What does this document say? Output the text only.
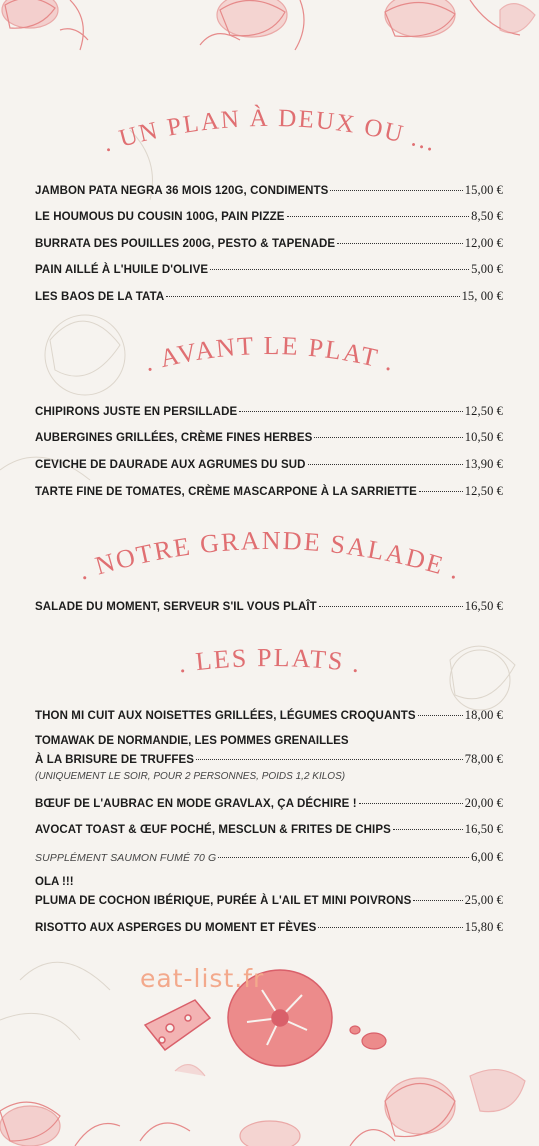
. UN PLAN À DEUX OU ...
. AVANT LE PLAT .
. NOTRE GRANDE SALADE .
. LES PLATS .
JAMBON PATA NEGRA 36 MOIS 120G, CONDIMENTS	15,00 €
LE HOUMOUS DU COUSIN 100G, PAIN PIZZE	8,50 €
BURRATA DES POUILLES 200G, PESTO & TAPENADE	12,00 €
PAIN AILLÉ À L'HUILE D'OLIVE	5,00 €
LES BAOS DE LA TATA	15, 00 €
CHIPIRONS JUSTE EN PERSILLADE	12,50 €
AUBERGINES GRILLÉES, CRÈME FINES HERBES	10,50 €
CEVICHE DE DAURADE AUX AGRUMES DU SUD	13,90 €
TARTE FINE DE TOMATES, CRÈME MASCARPONE À LA SARRIETTE	12,50 €
SALADE DU MOMENT, SERVEUR S'IL VOUS PLAÎT	16,50 €
THON MI CUIT AUX NOISETTES GRILLÉES, LÉGUMES CROQUANTS	18,00 €
TOMAWAK DE NORMANDIE, LES POMMES GRENAILLES
À LA BRISURE DE TRUFFES	78,00 €
(UNIQUEMENT LE SOIR, POUR 2 PERSONNES, POIDS 1,2 KILOS)
BŒUF DE L'AUBRAC EN MODE GRAVLAX, ÇA DÉCHIRE !	20,00 €
AVOCAT TOAST & ŒUF POCHÉ, MESCLUN & FRITES DE CHIPS	16,50 €
SUPPLÉMENT SAUMON FUMÉ 70 G	6,00 €
OLA !!!
PLUMA DE COCHON IBÉRIQUE, PURÉE À L'AIL ET MINI POIVRONS	25,00 €
RISOTTO AUX ASPERGES DU MOMENT ET FÈVES	15,80 €
eat-list.fr
